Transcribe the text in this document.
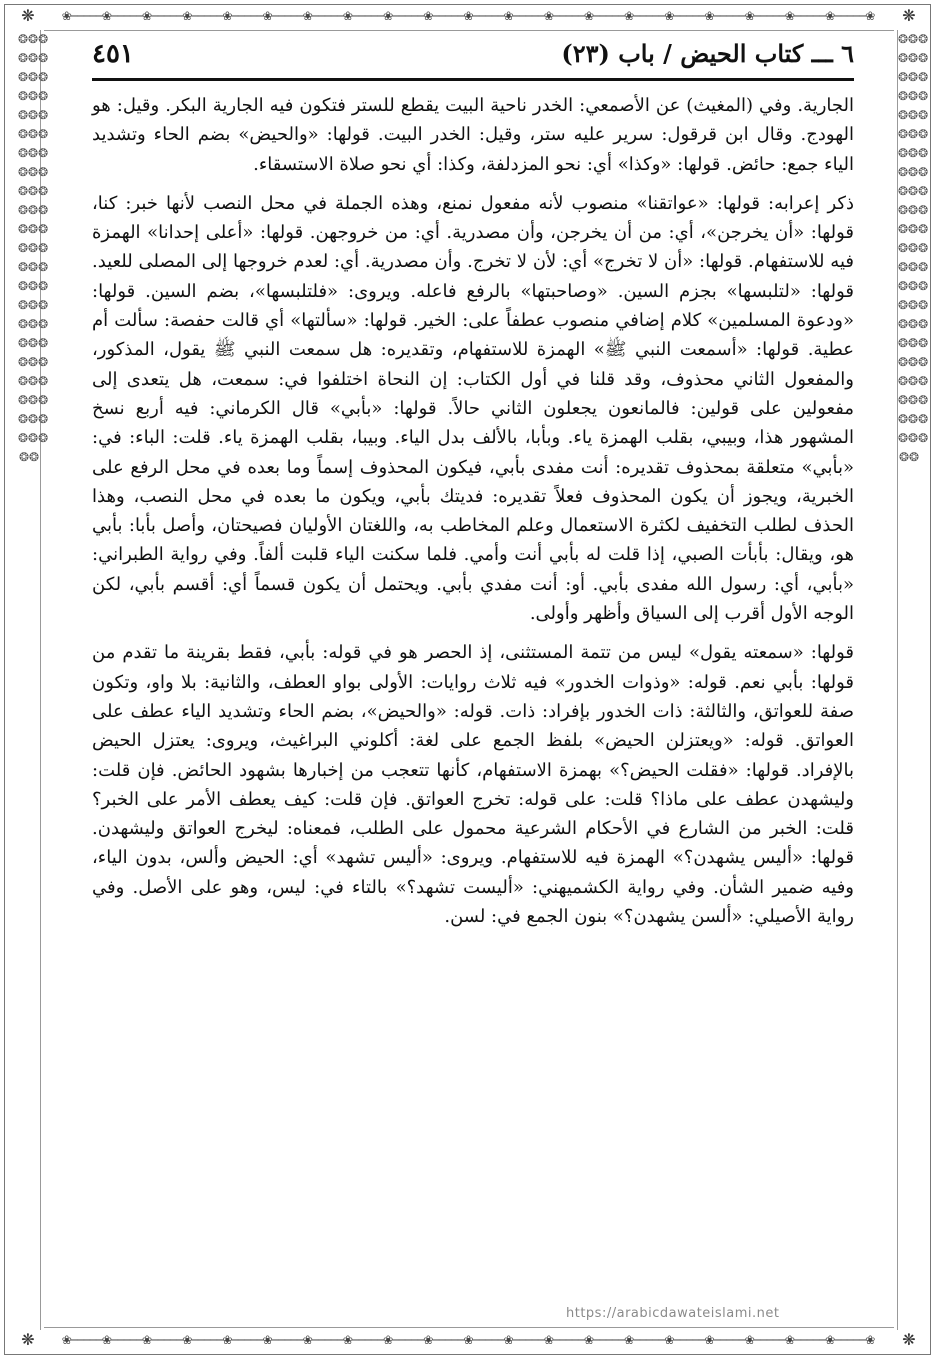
❀─────❀─────❀─────❀─────❀─────❀─────❀─────❀─────❀─────❀─────❀─────❀─────❀─────❀─────❀─────❀─────❀─────❀─────❀─────❀─────❀
❀─────❀─────❀─────❀─────❀─────❀─────❀─────❀─────❀─────❀─────❀─────❀─────❀─────❀─────❀─────❀─────❀─────❀─────❀─────❀─────❀
❂︎❂︎❂︎❂︎❂︎❂︎❂︎❂︎❂︎❂︎❂︎❂︎❂︎❂︎❂︎❂︎❂︎❂︎❂︎❂︎❂︎❂︎❂︎❂︎❂︎❂︎❂︎❂︎❂︎❂︎❂︎❂︎❂︎❂︎❂︎❂︎❂︎❂︎❂︎❂︎❂︎❂︎❂︎❂︎❂︎❂︎❂︎❂︎❂︎❂︎❂︎❂︎❂︎❂︎❂︎❂︎❂︎❂︎❂︎❂︎❂︎❂︎❂︎❂︎❂︎❂︎❂︎❂︎
❂︎❂︎❂︎❂︎❂︎❂︎❂︎❂︎❂︎❂︎❂︎❂︎❂︎❂︎❂︎❂︎❂︎❂︎❂︎❂︎❂︎❂︎❂︎❂︎❂︎❂︎❂︎❂︎❂︎❂︎❂︎❂︎❂︎❂︎❂︎❂︎❂︎❂︎❂︎❂︎❂︎❂︎❂︎❂︎❂︎❂︎❂︎❂︎❂︎❂︎❂︎❂︎❂︎❂︎❂︎❂︎❂︎❂︎❂︎❂︎❂︎❂︎❂︎❂︎❂︎❂︎❂︎❂︎
❋	❋
❋	❋
٦ ـــ كتاب الحيض / باب (٢٣)
٤٥١

الجارية. وفي (المغيث) عن الأصمعي: الخدر ناحية البيت يقطع للستر فتكون فيه الجارية البكر. وقيل: هو الهودج. وقال ابن قرقول: سرير عليه ستر، وقيل: الخدر البيت. قولها: «والحيض» بضم الحاء وتشديد الياء جمع: حائض. قولها: «وكذا» أي: نحو المزدلفة، وكذا: أي نحو صلاة الاستسقاء.

ذكر إعرابه: قولها: «عواتقنا» منصوب لأنه مفعول نمنع، وهذه الجملة في محل النصب لأنها خبر: كنا، قولها: «أن يخرجن»، أي: من أن يخرجن، وأن مصدرية. أي: من خروجهن. قولها: «أعلى إحدانا» الهمزة فيه للاستفهام. قولها: «أن لا تخرج» أي: لأن لا تخرج. وأن مصدرية. أي: لعدم خروجها إلى المصلى للعيد. قولها: «لتلبسها» بجزم السين. «وصاحبتها» بالرفع فاعله. ويروى: «فلتلبسها»، بضم السين. قولها: «ودعوة المسلمين» كلام إضافي منصوب عطفاً على: الخير. قولها: «سألتها» أي قالت حفصة: سألت أم عطية. قولها: «أسمعت النبي ﷺ» الهمزة للاستفهام، وتقديره: هل سمعت النبي ﷺ يقول، المذكور، والمفعول الثاني محذوف، وقد قلنا في أول الكتاب: إن النحاة اختلفوا في: سمعت، هل يتعدى إلى مفعولين على قولين: فالمانعون يجعلون الثاني حالاً. قولها: «بأبي» قال الكرماني: فيه أربع نسخ المشهور هذا، وبيبي، بقلب الهمزة ياء. وبأبا، بالألف بدل الياء. وبيبا، بقلب الهمزة ياء. قلت: الباء: في: «بأبي» متعلقة بمحذوف تقديره: أنت مفدى بأبي، فيكون المحذوف إسماً وما بعده في محل الرفع على الخبرية، ويجوز أن يكون المحذوف فعلاً تقديره: فديتك بأبي، ويكون ما بعده في محل النصب، وهذا الحذف لطلب التخفيف لكثرة الاستعمال وعلم المخاطب به، واللغتان الأوليان فصيحتان، وأصل بأبا: بأبي هو، ويقال: بأبأت الصبي، إذا قلت له بأبي أنت وأمي. فلما سكنت الياء قلبت ألفاً. وفي رواية الطبراني: «بأبي، أي: رسول الله مفدى بأبي. أو: أنت مفدي بأبي. ويحتمل أن يكون قسماً أي: أقسم بأبي، لكن الوجه الأول أقرب إلى السياق وأظهر وأولى.

قولها: «سمعته يقول» ليس من تتمة المستثنى، إذ الحصر هو في قوله: بأبي، فقط بقرينة ما تقدم من قولها: بأبي نعم. قوله: «وذوات الخدور» فيه ثلاث روايات: الأولى بواو العطف، والثانية: بلا واو، وتكون صفة للعواتق، والثالثة: ذات الخدور بإفراد: ذات. قوله: «والحيض»، بضم الحاء وتشديد الياء عطف على العواتق. قوله: «ويعتزلن الحيض» بلفظ الجمع على لغة: أكلوني البراغيث، ويروى: يعتزل الحيض بالإفراد. قولها: «فقلت الحيض؟» بهمزة الاستفهام، كأنها تتعجب من إخبارها بشهود الحائض. فإن قلت: وليشهدن عطف على ماذا؟ قلت: على قوله: تخرج العواتق. فإن قلت: كيف يعطف الأمر على الخبر؟ قلت: الخبر من الشارع في الأحكام الشرعية محمول على الطلب، فمعناه: ليخرج العواتق وليشهدن. قولها: «أليس يشهدن؟» الهمزة فيه للاستفهام. ويروى: «أليس تشهد» أي: الحيض وألس، بدون الياء، وفيه ضمير الشأن. وفي رواية الكشميهني: «أليست تشهد؟» بالتاء في: ليس، وهو على الأصل. وفي رواية الأصيلي: «ألسن يشهدن؟» بنون الجمع في: لسن.

https://arabicdawateislami.net
